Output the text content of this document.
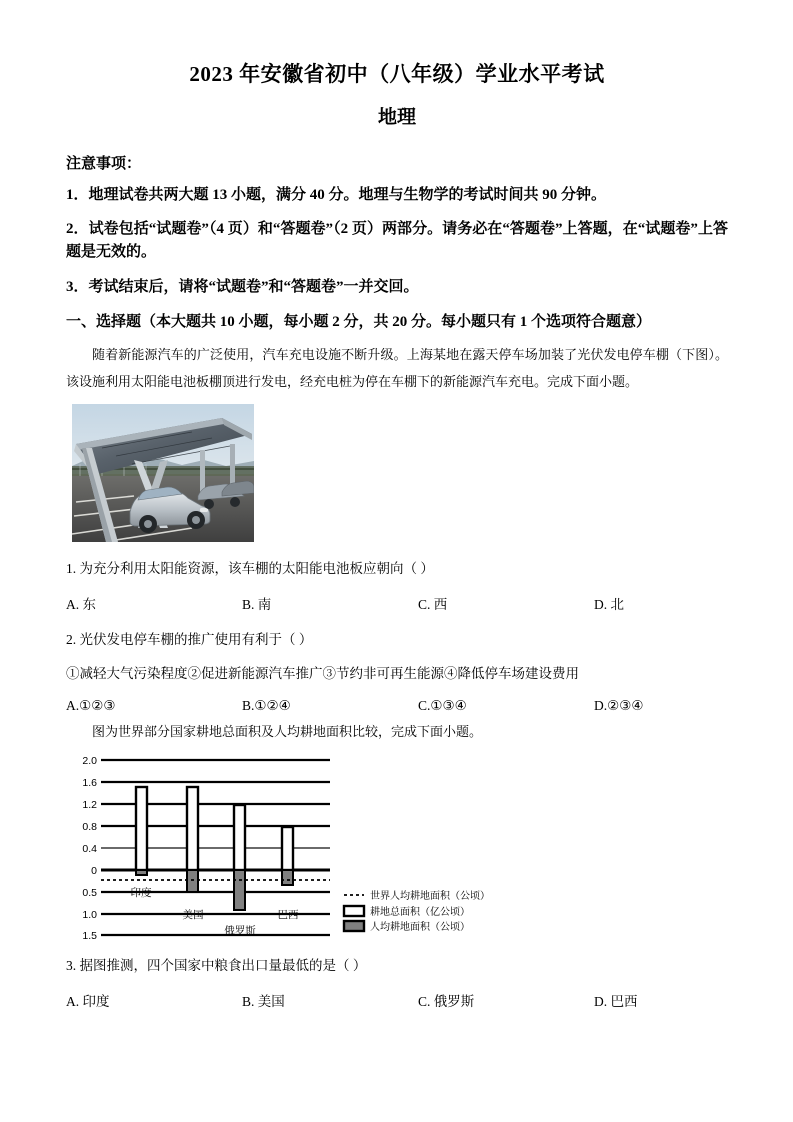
2023 年安徽省初中（八年级）学业水平考试
地理
注意事项：
1．地理试卷共两大题 13 小题，满分 40 分。地理与生物学的考试时间共 90 分钟。
2．试卷包括“试题卷”（4 页）和“答题卷”（2 页）两部分。请务必在“答题卷”上答题，在“试题卷”上答题是无效的。
3．考试结束后，请将“试题卷”和“答题卷”一并交回。
一、选择题（本大题共 10 小题，每小题 2 分，共 20 分。每小题只有 1 个选项符合题意）
随着新能源汽车的广泛使用，汽车充电设施不断升级。上海某地在露天停车场加装了光伏发电停车棚（下图）。该设施利用太阳能电池板棚顶进行发电，经充电桩为停在车棚下的新能源汽车充电。完成下面小题。
1. 为充分利用太阳能资源，该车棚的太阳能电池板应朝向（ ）
A. 东	B. 南	C. 西	D. 北
2. 光伏发电停车棚的推广使用有利于（ ）
①减轻大气污染程度②促进新能源汽车推广③节约非可再生能源④降低停车场建设费用
A.①②③	B.①②④	C.①③④	D.②③④
图为世界部分国家耕地总面积及人均耕地面积比较，完成下面小题。
2.0
1.6
1.2
0.8
0.4
0
0.5
1.0
1.5
印度
美国
俄罗斯
巴西
世界人均耕地面积（公顷）
耕地总面积（亿公顷）
人均耕地面积（公顷）
3. 据图推测，四个国家中粮食出口量最低的是（ ）
A. 印度	B. 美国	C. 俄罗斯	D. 巴西
